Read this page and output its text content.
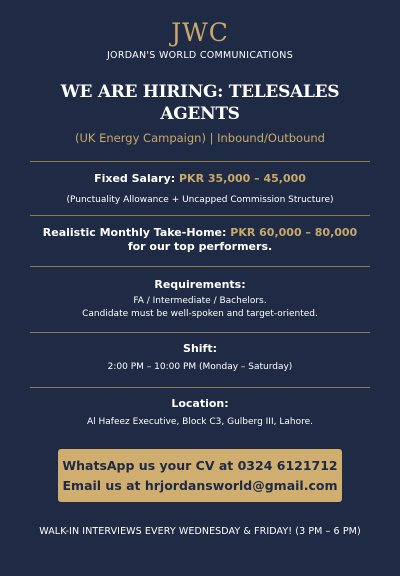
JWC
JORDAN'S WORLD COMMUNICATIONS
WE ARE HIRING: TELESALES AGENTS
(UK Energy Campaign) | Inbound/Outbound
Fixed Salary: PKR 35,000 – 45,000
(Punctuality Allowance + Uncapped Commission Structure)
Realistic Monthly Take-Home: PKR 60,000 – 80,000
for our top performers.
Requirements:
FA / Intermediate / Bachelors.
Candidate must be well-spoken and target-oriented.
Shift:
2:00 PM – 10:00 PM (Monday – Saturday)
Location:
Al Hafeez Executive, Block C3, Gulberg III, Lahore.
WhatsApp us your CV at 0324 6121712
Email us at hrjordansworld@gmail.com
WALK-IN INTERVIEWS EVERY WEDNESDAY & FRIDAY! (3 PM – 6 PM)
